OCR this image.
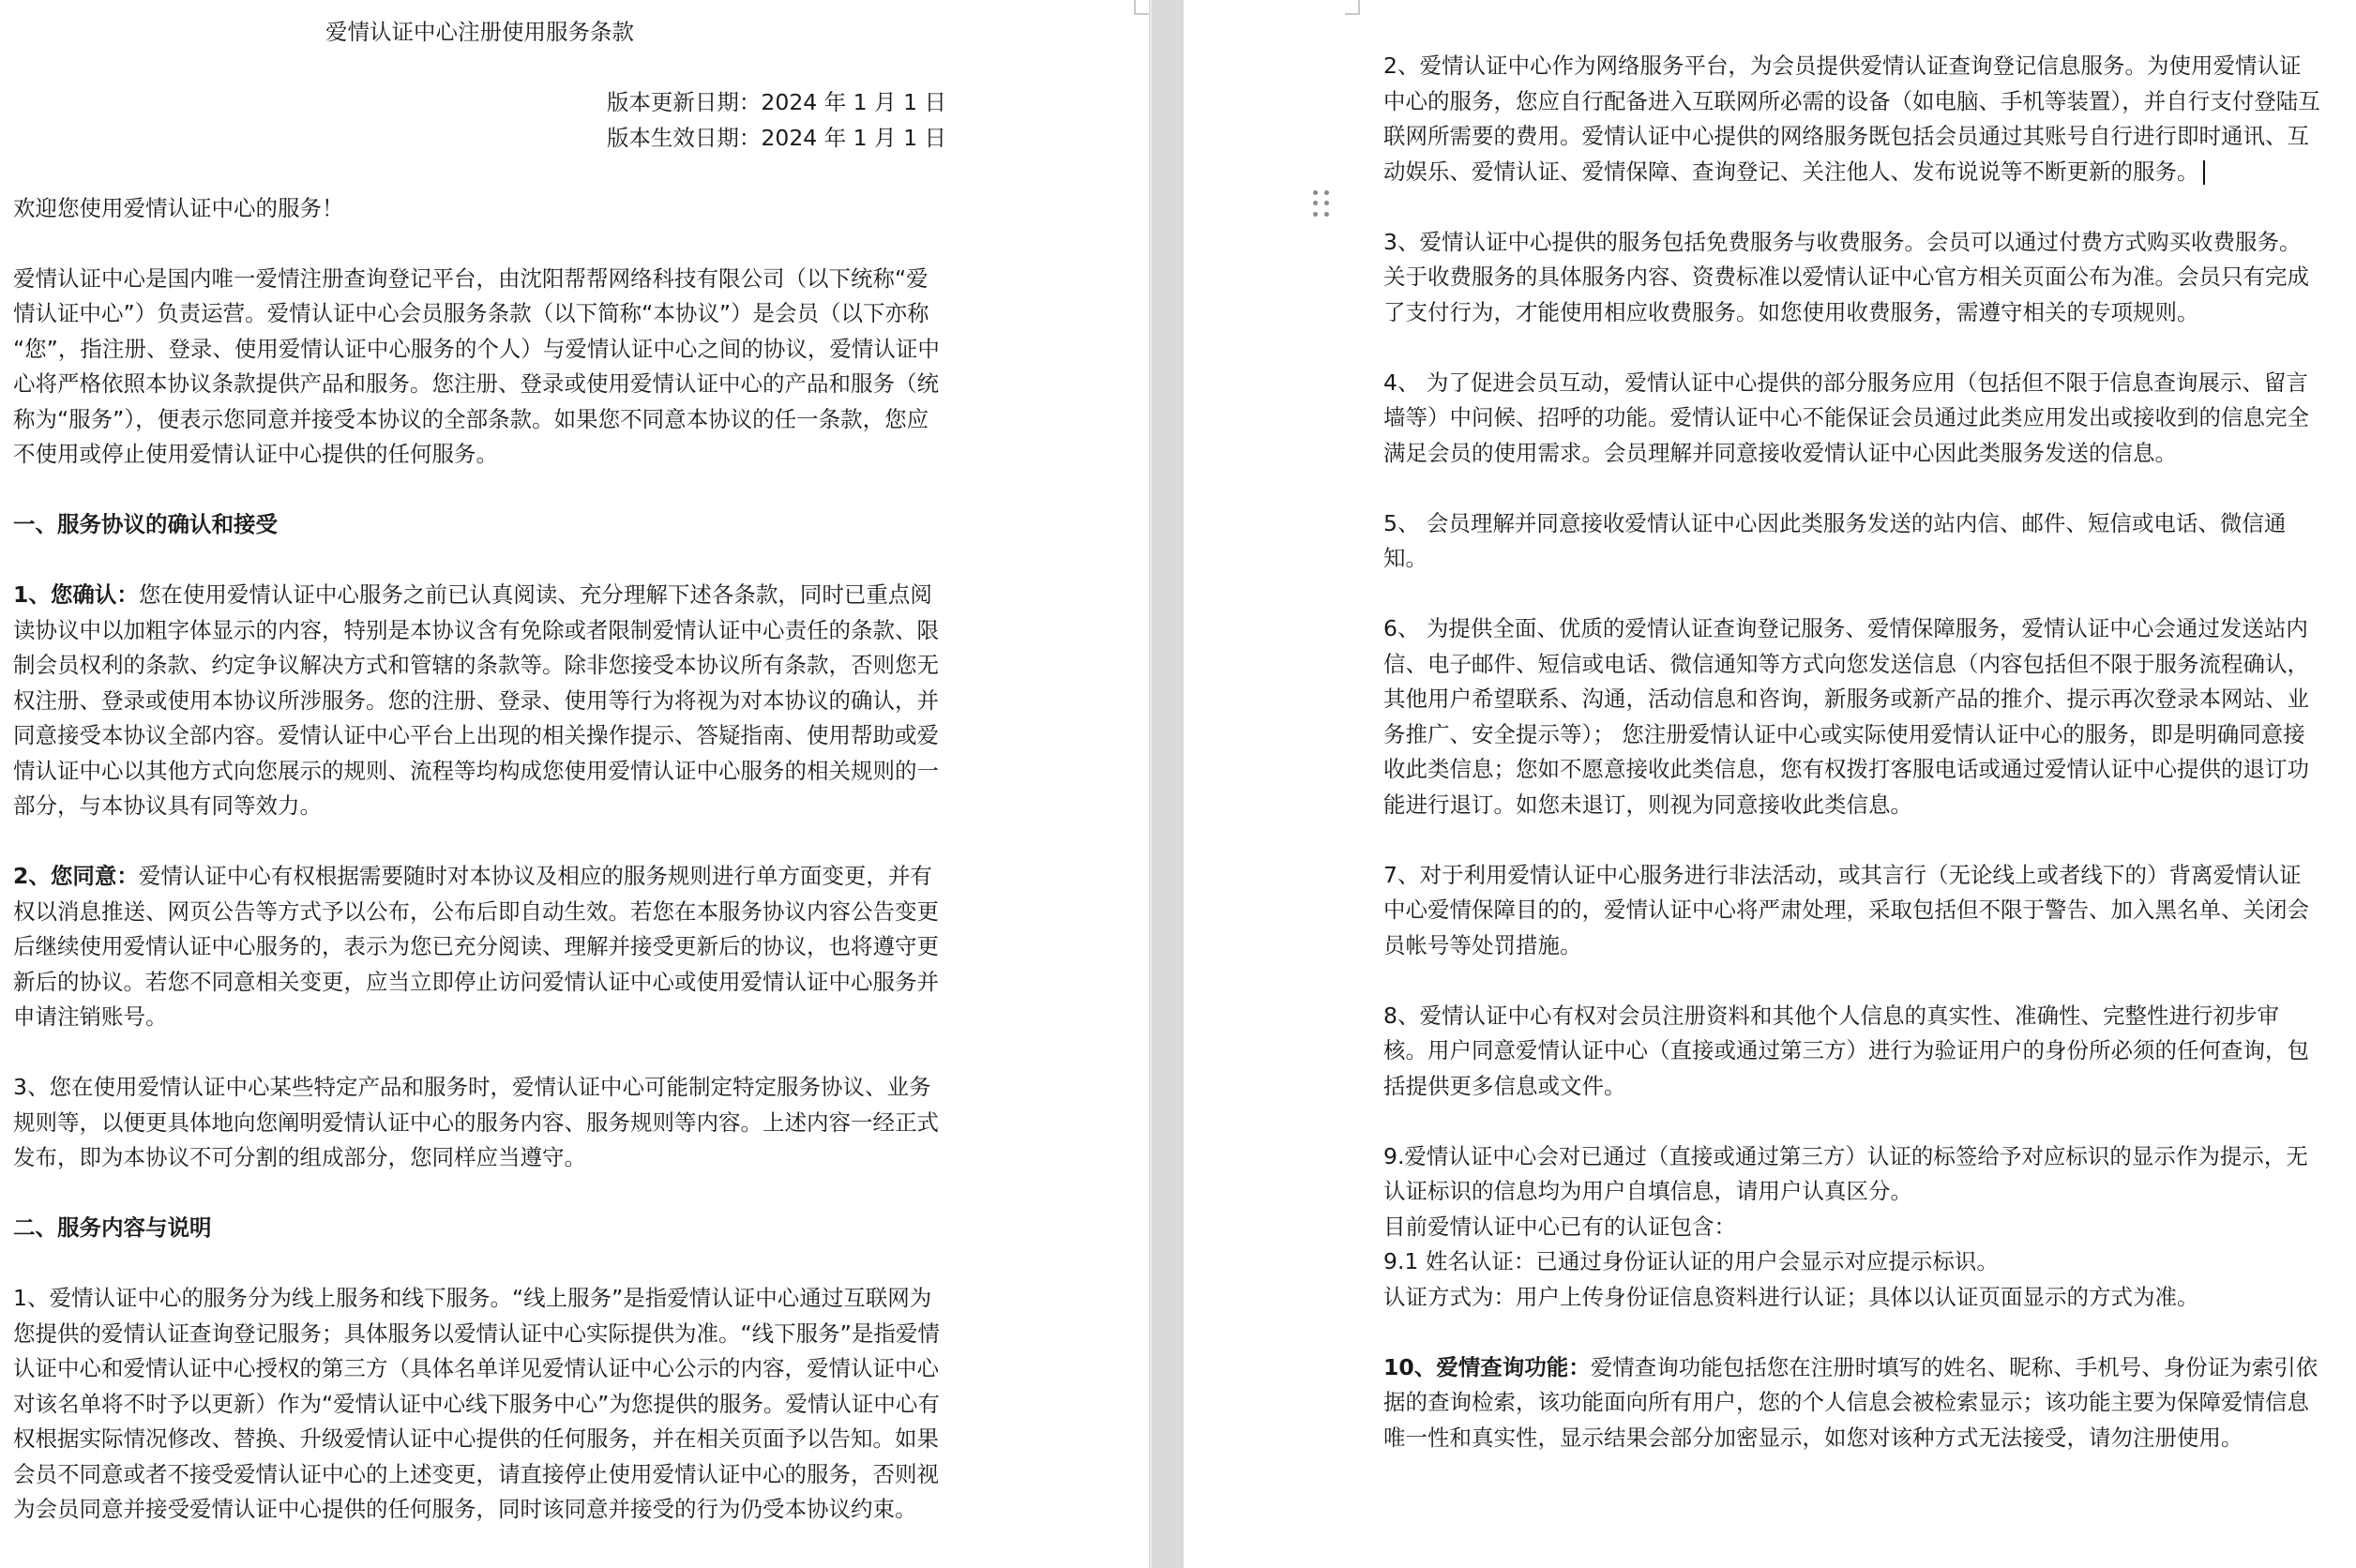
爱情认证中心注册使用服务条款

版本更新日期：2024 年 1 月 1 日

版本生效日期：2024 年 1 月 1 日

欢迎您使用爱情认证中心的服务！

爱情认证中心是国内唯一爱情注册查询登记平台，由沈阳帮帮网络科技有限公司（以下统称“爱情认证中心”）负责运营。爱情认证中心会员服务条款（以下简称“本协议”）是会员（以下亦称 “您”，指注册、登录、使用爱情认证中心服务的个人）与爱情认证中心之间的协议，爱情认证中心将严格依照本协议条款提供产品和服务。您注册、登录或使用爱情认证中心的产品和服务（统称为“服务”），便表示您同意并接受本协议的全部条款。如果您不同意本协议的任一条款，您应不使用或停止使用爱情认证中心提供的任何服务。

一、服务协议的确认和接受

1、您确认：您在使用爱情认证中心服务之前已认真阅读、充分理解下述各条款，同时已重点阅读协议中以加粗字体显示的内容，特别是本协议含有免除或者限制爱情认证中心责任的条款、限制会员权利的条款、约定争议解决方式和管辖的条款等。除非您接受本协议所有条款，否则您无权注册、登录或使用本协议所涉服务。您的注册、登录、使用等行为将视为对本协议的确认，并同意接受本协议全部内容。爱情认证中心平台上出现的相关操作提示、答疑指南、使用帮助或爱情认证中心以其他方式向您展示的规则、流程等均构成您使用爱情认证中心服务的相关规则的一部分，与本协议具有同等效力。

2、您同意：爱情认证中心有权根据需要随时对本协议及相应的服务规则进行单方面变更，并有权以消息推送、网页公告等方式予以公布，公布后即自动生效。若您在本服务协议内容公告变更后继续使用爱情认证中心服务的，表示为您已充分阅读、理解并接受更新后的协议，也将遵守更新后的协议。若您不同意相关变更，应当立即停止访问爱情认证中心或使用爱情认证中心服务并申请注销账号。

3、您在使用爱情认证中心某些特定产品和服务时，爱情认证中心可能制定特定服务协议、业务规则等，以便更具体地向您阐明爱情认证中心的服务内容、服务规则等内容。上述内容一经正式发布，即为本协议不可分割的组成部分，您同样应当遵守。

二、服务内容与说明

1、爱情认证中心的服务分为线上服务和线下服务。“线上服务”是指爱情认证中心通过互联网为您提供的爱情认证查询登记服务；具体服务以爱情认证中心实际提供为准。“线下服务”是指爱情认证中心和爱情认证中心授权的第三方（具体名单详见爱情认证中心公示的内容，爱情认证中心对该名单将不时予以更新）作为“爱情认证中心线下服务中心”为您提供的服务。爱情认证中心有权根据实际情况修改、替换、升级爱情认证中心提供的任何服务，并在相关页面予以告知。如果会员不同意或者不接受爱情认证中心的上述变更，请直接停止使用爱情认证中心的服务，否则视为会员同意并接受爱情认证中心提供的任何服务，同时该同意并接受的行为仍受本协议约束。

2、爱情认证中心作为网络服务平台，为会员提供爱情认证查询登记信息服务。为使用爱情认证中心的服务，您应自行配备进入互联网所必需的设备（如电脑、手机等装置），并自行支付登陆互联网所需要的费用。爱情认证中心提供的网络服务既包括会员通过其账号自行进行即时通讯、互动娱乐、爱情认证、爱情保障、查询登记、关注他人、发布说说等不断更新的服务。

3、爱情认证中心提供的服务包括免费服务与收费服务。会员可以通过付费方式购买收费服务。关于收费服务的具体服务内容、资费标准以爱情认证中心官方相关页面公布为准。会员只有完成了支付行为，才能使用相应收费服务。如您使用收费服务，需遵守相关的专项规则。

4、 为了促进会员互动，爱情认证中心提供的部分服务应用（包括但不限于信息查询展示、留言墙等）中问候、招呼的功能。爱情认证中心不能保证会员通过此类应用发出或接收到的信息完全满足会员的使用需求。会员理解并同意接收爱情认证中心因此类服务发送的信息。

5、 会员理解并同意接收爱情认证中心因此类服务发送的站内信、邮件、短信或电话、微信通知。

6、 为提供全面、优质的爱情认证查询登记服务、爱情保障服务，爱情认证中心会通过发送站内信、电子邮件、短信或电话、微信通知等方式向您发送信息（内容包括但不限于服务流程确认，其他用户希望联系、沟通，活动信息和咨询，新服务或新产品的推介、提示再次登录本网站、业务推广、安全提示等）； 您注册爱情认证中心或实际使用爱情认证中心的服务，即是明确同意接收此类信息；您如不愿意接收此类信息，您有权拨打客服电话或通过爱情认证中心提供的退订功能进行退订。如您未退订，则视为同意接收此类信息。

7、对于利用爱情认证中心服务进行非法活动，或其言行（无论线上或者线下的）背离爱情认证中心爱情保障目的的，爱情认证中心将严肃处理，采取包括但不限于警告、加入黑名单、关闭会员帐号等处罚措施。

8、爱情认证中心有权对会员注册资料和其他个人信息的真实性、准确性、完整性进行初步审核。用户同意爱情认证中心（直接或通过第三方）进行为验证用户的身份所必须的任何查询，包括提供更多信息或文件。

9.爱情认证中心会对已通过（直接或通过第三方）认证的标签给予对应标识的显示作为提示，无认证标识的信息均为用户自填信息，请用户认真区分。

目前爱情认证中心已有的认证包含：

9.1 姓名认证：已通过身份证认证的用户会显示对应提示标识。

认证方式为：用户上传身份证信息资料进行认证；具体以认证页面显示的方式为准。

10、爱情查询功能：爱情查询功能包括您在注册时填写的姓名、昵称、手机号、身份证为索引依据的查询检索，该功能面向所有用户，您的个人信息会被检索显示；该功能主要为保障爱情信息唯一性和真实性，显示结果会部分加密显示，如您对该种方式无法接受，请勿注册使用。
